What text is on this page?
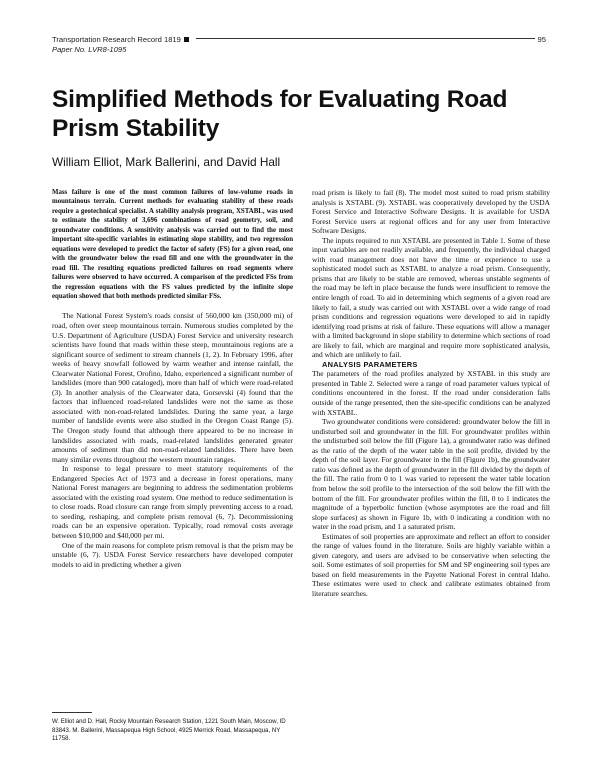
Transportation Research Record 1819
Paper No. LVR8-1095
95
Simplified Methods for Evaluating Road Prism Stability
William Elliot, Mark Ballerini, and David Hall

Mass failure is one of the most common failures of low-volume roads in mountainous terrain. Current methods for evaluating stability of these roads require a geotechnical specialist. A stability analysis program, XSTABL, was used to estimate the stability of 3,696 combinations of road geometry, soil, and groundwater conditions. A sensitivity analysis was carried out to find the most important site-specific variables in estimating slope stability, and two regression equations were developed to predict the factor of safety (FS) for a given road, one with the groundwater below the road fill and one with the groundwater in the road fill. The resulting equations predicted failures on road segments where failures were observed to have occurred. A comparison of the predicted FSs from the regression equations with the FS values predicted by the infinite slope equation showed that both methods predicted similar FSs.

The National Forest System's roads consist of 560,000 km (350,000 mi) of road, often over steep mountainous terrain. Numerous studies completed by the U.S. Department of Agriculture (USDA) Forest Service and university research scientists have found that roads within these steep, mountainous regions are a significant source of sediment to stream channels (1, 2). In February 1996, after weeks of heavy snowfall followed by warm weather and intense rainfall, the Clearwater National Forest, Orofino, Idaho, experienced a significant number of landslides (more than 900 cataloged), more than half of which were road-related (3). In another analysis of the Clearwater data, Gorsevski (4) found that the factors that influenced road-related landslides were not the same as those associated with non-road-related landslides. During the same year, a large number of landslide events were also studied in the Oregon Coast Range (5). The Oregon study found that although there appeared to be no increase in landslides associated with roads, road-related landslides generated greater amounts of sediment than did non-road-related landslides. There have been many similar events throughout the western mountain ranges.

In response to legal pressure to meet statutory requirements of the Endangered Species Act of 1973 and a decrease in forest operations, many National Forest managers are beginning to address the sedimentation problems associated with the existing road system. One method to reduce sedimentation is to close roads. Road closure can range from simply preventing access to a road, to seeding, reshaping, and complete prism removal (6, 7). Decommissioning roads can be an expensive operation. Typically, road removal costs average between $10,000 and $40,000 per mi.

One of the main reasons for complete prism removal is that the prism may be unstable (6, 7). USDA Forest Service researchers have developed computer models to aid in predicting whether a given

road prism is likely to fail (8). The model most suited to road prism stability analysis is XSTABL (9). XSTABL was cooperatively developed by the USDA Forest Service and Interactive Software Designs. It is available for USDA Forest Service users at regional offices and for any user from Interactive Software Designs.

The inputs required to run XSTABL are presented in Table 1. Some of these input variables are not readily available, and frequently, the individual charged with road management does not have the time or experience to use a sophisticated model such as XSTABL to analyze a road prism. Consequently, prisms that are likely to be stable are removed, whereas unstable segments of the road may be left in place because the funds were insufficient to remove the entire length of road. To aid in determining which segments of a given road are likely to fail, a study was carried out with XSTABL over a wide range of road prism conditions and regression equations were developed to aid in rapidly identifying road prisms at risk of failure. These equations will allow a manager with a limited background in slope stability to determine which sections of road are likely to fail, which are marginal and require more sophisticated analysis, and which are unlikely to fail.

ANALYSIS PARAMETERS

The parameters of the road profiles analyzed by XSTABL in this study are presented in Table 2. Selected were a range of road parameter values typical of conditions encountered in the forest. If the road under consideration falls outside of the range presented, then the site-specific conditions can be analyzed with XSTABL.

Two groundwater conditions were considered: groundwater below the fill in undisturbed soil and groundwater in the fill. For groundwater profiles within the undisturbed soil below the fill (Figure 1a), a groundwater ratio was defined as the ratio of the depth of the water table in the soil profile, divided by the depth of the soil layer. For groundwater in the fill (Figure 1b), the groundwater ratio was defined as the depth of groundwater in the fill divided by the depth of the fill. The ratio from 0 to 1 was varied to represent the water table location from below the soil profile to the intersection of the soil below the fill with the bottom of the fill. For groundwater profiles within the fill, 0 to 1 indicates the magnitude of a hyperbolic function (whose asymptotes are the road and fill slope surfaces) as shown in Figure 1b, with 0 indicating a condition with no water in the road prism, and 1 a saturated prism.

Estimates of soil properties are approximate and reflect an effort to consider the range of values found in the literature. Soils are highly variable within a given category, and users are advised to be conservative when selecting the soil. Some estimates of soil properties for SM and SP engineering soil types are based on field measurements in the Payette National Forest in central Idaho. These estimates were used to check and calibrate estimates obtained from literature searches.

W. Elliot and D. Hall, Rocky Mountain Research Station, 1221 South Main, Moscow, ID 83843. M. Ballerini, Massapequa High School, 4925 Merrick Road, Massapequa, NY 11758.
